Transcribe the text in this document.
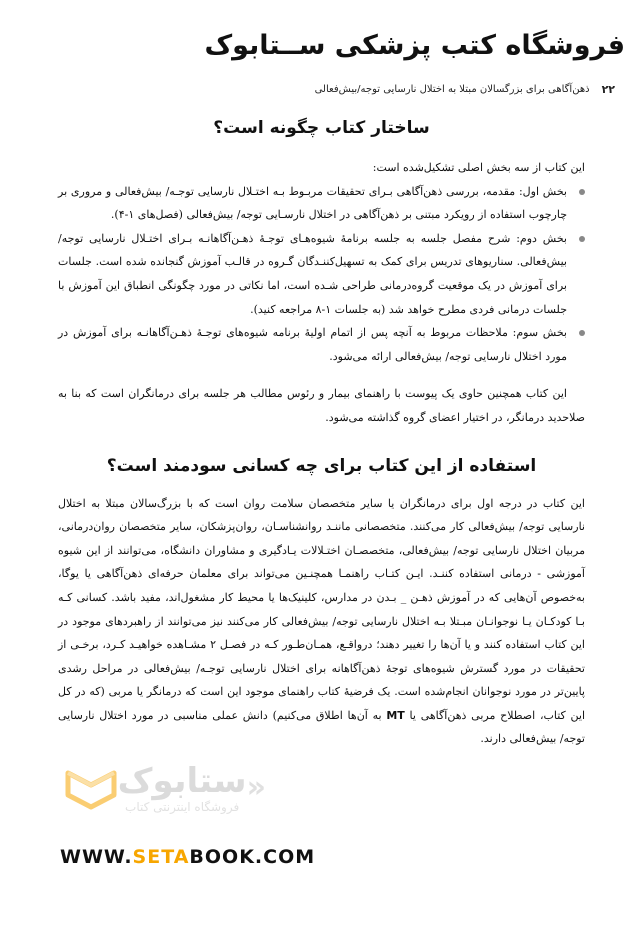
فروشگاه کتب پزشکی ســتابوک
۲۲
ذهن‌آگاهی برای بزرگسالان مبتلا به اختلال نارسایی توجه/بیش‌فعالی
ساختار کتاب چگونه است؟

این کتاب از سه بخش اصلی تشکیل‌شده است:

بخش اول: مقدمه، بررسی ذهن‌آگاهی بـرای تحقیقات مربـوط بـه اختـلال نارسایی توجـه/ بیش‌فعالی و مروری بر چارچوب استفاده از رویکرد مبتنی بر ذهن‌آگاهی در اختلال نارسـایی توجه/ بیش‌فعالی (فصل‌های ۱-۴).
بخش دوم: شرح مفصل جلسه به جلسه برنامهٔ شیوه‌هـای توجـهٔ ذهـن‌آگاهانـه بـرای اختـلال نارسایی توجه/ بیش‌فعالی. سناریوهای تدریس برای کمک به تسهیل‌کننـدگان گـروه در قالـب آموزش گنجانده شده است. جلسات برای آموزش در یک موقعیت گروه‌درمانی طراحی شـده است، اما نکاتی در مورد چگونگی انطباق این آموزش با جلسات درمانی فردی مطرح خواهد شد (به جلسات ۱-۸ مراجعه کنید).
بخش سوم: ملاحظات مربوط به آنچه پس از اتمام اولیهٔ برنامه شیوه‌های توجـهٔ ذهـن‌آگاهانـه برای آموزش در مورد اختلال نارسایی توجه/ بیش‌فعالی ارائه می‌شود.

این کتاب همچنین حاوی یک پیوست با راهنمای بیمار و رئوس مطالب هر جلسه برای درمانگران است که بنا به صلاحدید درمانگر، در اختیار اعضای گروه گذاشته می‌شود.

استفاده از این کتاب برای چه کسانی سودمند است؟

این کتاب در درجه اول برای درمانگران یا سایر متخصصان سلامت روان است که با بزرگ‌سالان مبتلا به اختلال نارسایی توجه/ بیش‌فعالی کار می‌کنند. متخصصانی ماننـد روانشناسـان، روان‌پزشکان، سایر متخصصان روان‌درمانی، مربیان اختلال نارسایی توجه/ بیش‌فعالی، متخصصـان اختـلالات یـادگیری و مشاوران دانشگاه، می‌توانند از این شیوه آموزشی - درمانی استفاده کننـد. ایـن کتـاب راهنمـا همچنـین می‌تواند برای معلمان حرفه‌ای ذهن‌آگاهی یا یوگا، به‌خصوص آن‌هایی که در آموزش ذهـن _ بـدن در مدارس، کلینیک‌ها یا محیط کار مشغول‌اند، مفید باشد. کسانی کـه بـا کودکـان یـا نوجوانـان مبـتلا بـه اختلال نارسایی توجه/ بیش‌فعالی کار می‌کنند نیز می‌توانند از راهبردهای موجود در این کتاب استفاده کنند و یا آن‌ها را تغییر دهند؛ درواقـع، همـان‌طـور کـه در فصـل ۲ مشـاهده خواهیـد کـرد، برخـی از تحقیقات در مورد گسترش شیوه‌های توجهٔ ذهن‌آگاهانه برای اختلال نارسایی توجـه/ بیش‌فعالی در مراحل رشدی پایین‌تر در مورد نوجوانان انجام‌شده است. یک فرضیهٔ کتاب راهنمای موجود این است که درمانگر یا مربی (که در کل این کتاب، اصطلاح مربی ذهن‌آگاهی یا MT به آن‌ها اطلاق می‌کنیم) دانش عملی مناسبی در مورد اختلال نارسایی توجه/ بیش‌فعالی دارند.

«
ستابوک
فروشگاه اینترنتی کتاب
WWW.SETABOOK.COM
